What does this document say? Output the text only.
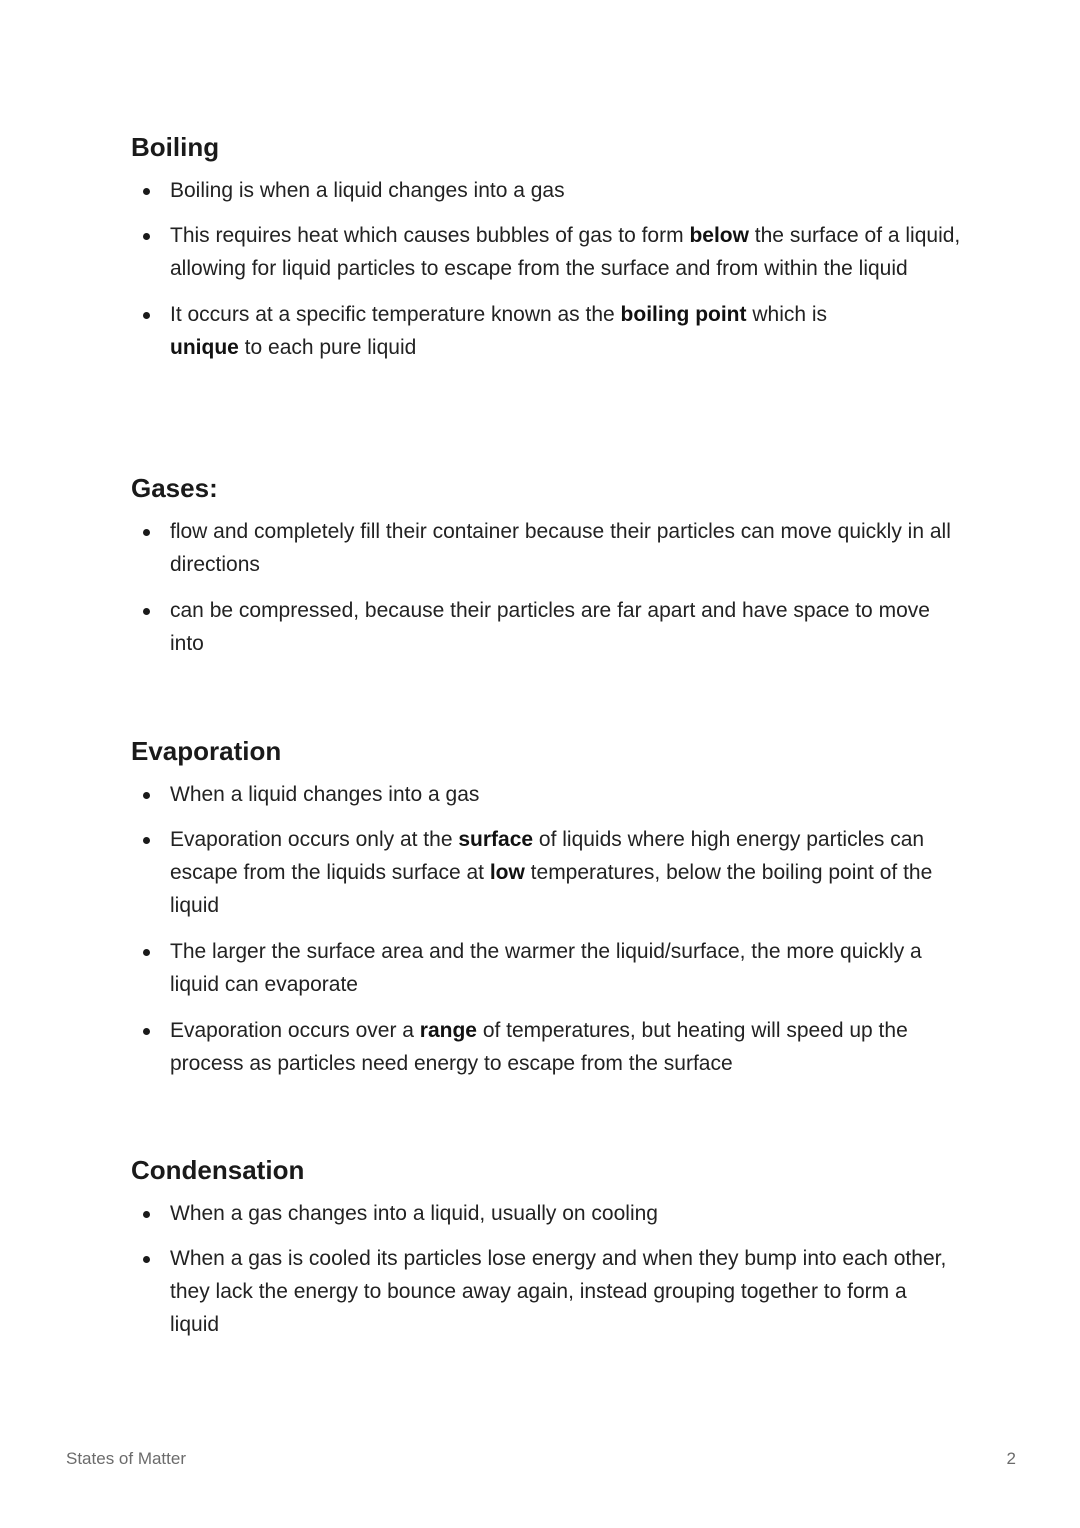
Boiling
Boiling is when a liquid changes into a gas
This requires heat which causes bubbles of gas to form below the surface of a liquid, allowing for liquid particles to escape from the surface and from within the liquid
It occurs at a specific temperature known as the boiling point which is unique to each pure liquid
Gases:
flow and completely fill their container because their particles can move quickly in all directions
can be compressed, because their particles are far apart and have space to move into
Evaporation
When a liquid changes into a gas
Evaporation occurs only at the surface of liquids where high energy particles can escape from the liquids surface at low temperatures, below the boiling point of the liquid
The larger the surface area and the warmer the liquid/surface, the more quickly a liquid can evaporate
Evaporation occurs over a range of temperatures, but heating will speed up the process as particles need energy to escape from the surface
Condensation
When a gas changes into a liquid, usually on cooling
When a gas is cooled its particles lose energy and when they bump into each other, they lack the energy to bounce away again, instead grouping together to form a liquid
States of Matter	2
